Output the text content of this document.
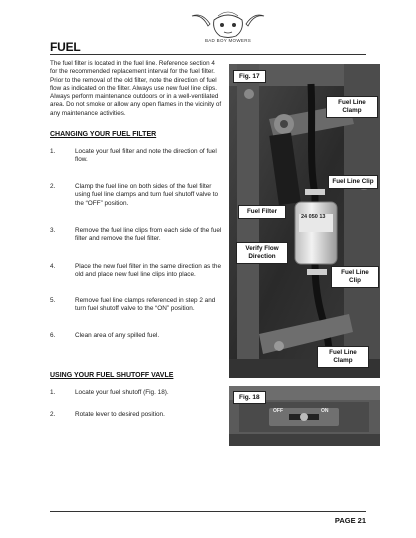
BAD BOY MOWERS
FUEL
The fuel filter is located in the fuel line. Reference section 4 for the recommended replacement interval for the fuel filter. Prior to the removal of the old filter, note the direction of fuel flow as indicated on the filter. Always use new fuel line clips. Always perform maintenance outdoors or in a well-ventilated area. Do not smoke or allow any open flames in the vicinity of any maintenance activities.
CHANGING YOUR FUEL FILTER
1.	Locate your fuel filter and note the direction of fuel flow.
2.	Clamp the fuel line on both sides of the fuel filter using fuel line clamps and turn fuel shutoff valve to the “OFF” position.
3.	Remove the fuel line clips from each side of the fuel filter and remove the fuel filter.
4.	Place the new fuel filter in the same direction as the old and place new fuel line clips into place.
5.	Remove fuel line clamps referenced in step 2 and turn fuel shutoff valve to the “ON” position.
6.	Clean area of any spilled fuel.
USING YOUR FUEL SHUTOFF VAVLE
1.	Locate your fuel shutoff (Fig. 18).
2.	Rotate lever to desired position.
24 050 13
Fig. 17
Fuel Line Clamp
Fuel Line Clip
Fuel Filter
Verify Flow Direction
Fuel Line Clip
Fuel Line Clamp
OFF	ON
Fig. 18
PAGE 21
